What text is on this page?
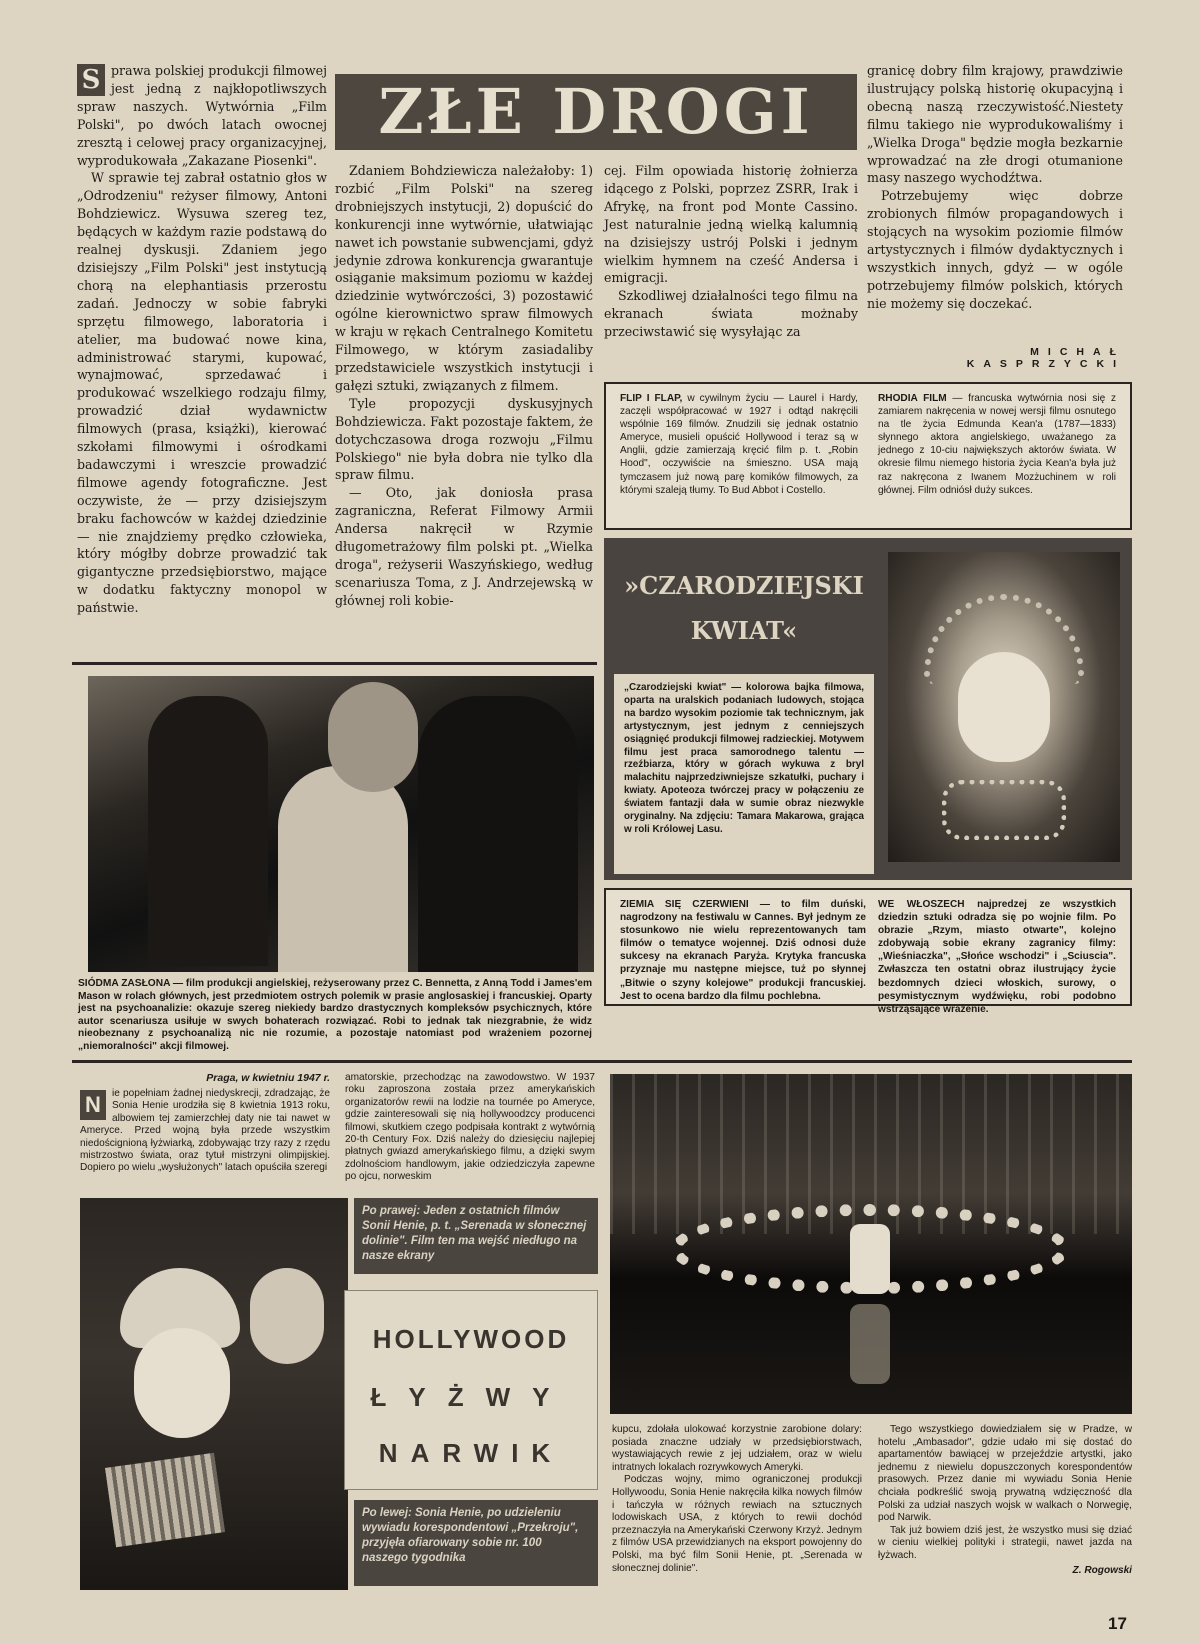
S prawa polskiej produkcji filmowej jest jedną z najkłopotliwszych spraw naszych. Wytwórnia „Film Polski", po dwóch latach owocnej zresztą i celowej pracy organizacyjnej, wyprodukowała „Zakazane Piosenki".

W sprawie tej zabrał ostatnio głos w „Odrodzeniu" reżyser filmowy, Antoni Bohdziewicz. Wysuwa szereg tez, będących w każdym razie podstawą do realnej dyskusji. Zdaniem jego dzisiejszy „Film Polski" jest instytucją chorą na elephantiasis przerostu zadań. Jednoczy w sobie fabryki sprzętu filmowego, laboratoria i atelier, ma budować nowe kina, administrować starymi, kupować, wynajmować, sprzedawać i produkować wszelkiego rodzaju filmy, prowadzić dział wydawnictw filmowych (prasa, książki), kierować szkołami filmowymi i ośrodkami badawczymi i wreszcie prowadzić filmowe agendy fotograficzne. Jest oczywiste, że — przy dzisiejszym braku fachowców w każdej dziedzinie — nie znajdziemy prędko człowieka, który mógłby dobrze prowadzić tak gigantyczne przedsiębiorstwo, mające w dodatku faktyczny monopol w państwie.

ZŁE DROGI

Zdaniem Bohdziewicza należałoby: 1) rozbić „Film Polski" na szereg drobniejszych instytucji, 2) dopuścić do konkurencji inne wytwórnie, ułatwiając nawet ich powstanie subwencjami, gdyż jedynie zdrowa konkurencja gwarantuje osiąganie maksimum poziomu w każdej dziedzinie wytwórczości, 3) pozostawić ogólne kierownictwo spraw filmowych w kraju w rękach Centralnego Komitetu Filmowego, w którym zasiadaliby przedstawiciele wszystkich instytucji i gałęzi sztuki, związanych z filmem.

Tyle propozycji dyskusyjnych Bohdziewicza. Fakt pozostaje faktem, że dotychczasowa droga rozwoju „Filmu Polskiego" nie była dobra nie tylko dla spraw filmu.

— Oto, jak doniosła prasa zagraniczna, Referat Filmowy Armii Andersa nakręcił w Rzymie długometrażowy film polski pt. „Wielka droga", reżyserii Waszyńskiego, według scenariusza Toma, z J. Andrzejewską w głównej roli kobie-

cej. Film opowiada historię żołnierza idącego z Polski, poprzez ZSRR, Irak i Afrykę, na front pod Monte Cassino. Jest naturalnie jedną wielką kalumnią na dzisiejszy ustrój Polski i jednym wielkim hymnem na cześć Andersa i emigracji.

Szkodliwej działalności tego filmu na ekranach świata możnaby przeciwstawić się wysyłając za

granicę dobry film krajowy, prawdziwie ilustrujący polską historię okupacyjną i obecną naszą rzeczywistość.Niestety filmu takiego nie wyprodukowaliśmy i „Wielka Droga" będzie mogła bezkarnie wprowadzać na złe drogi otumanione masy naszego wychodźtwa.

Potrzebujemy więc dobrze zrobionych filmów propagandowych i stojących na wysokim poziomie filmów artystycznych i filmów dydaktycznych i wszystkich innych, gdyż — w ogóle potrzebujemy filmów polskich, których nie możemy się doczekać.

MICHAŁ KASPRZYCKI
FLIP I FLAP, w cywilnym życiu — Laurel i Hardy, zaczęli współpracować w 1927 i odtąd nakręcili wspólnie 169 filmów. Znudzili się jednak ostatnio Ameryce, musieli opuścić Hollywood i teraz są w Anglii, gdzie zamierzają kręcić film p. t. „Robin Hood", oczywiście na śmieszno. USA mają tymczasem już nową parę komików filmowych, za którymi szaleją tłumy. To Bud Abbot i Costello.
RHODIA FILM — francuska wytwórnia nosi się z zamiarem nakręcenia w nowej wersji filmu osnutego na tle życia Edmunda Kean'a (1787—1833) słynnego aktora angielskiego, uważanego za jednego z 10-ciu największych aktorów świata. W okresie filmu niemego historia życia Kean'a była już raz nakręcona z Iwanem Mozżuchinem w roli głównej. Film odniósł duży sukces.
»CZARODZIEJSKI
KWIAT«
„Czarodziejski kwiat" — kolorowa bajka filmowa, oparta na uralskich podaniach ludowych, stojąca na bardzo wysokim poziomie tak technicznym, jak artystycznym, jest jednym z cenniejszych osiągnięć produkcji filmowej radzieckiej. Motywem filmu jest praca samorodnego talentu — rzeźbiarza, który w górach wykuwa z bryl malachitu najprzedziwniejsze szkatułki, puchary i kwiaty. Apoteoza twórczej pracy w połączeniu ze światem fantazji dała w sumie obraz niezwykle oryginalny. Na zdjęciu: Tamara Makarowa, grająca w roli Królowej Lasu.
ZIEMIA SIĘ CZERWIENI — to film duński, nagrodzony na festiwalu w Cannes. Był jednym ze stosunkowo nie wielu reprezentowanych tam filmów o tematyce wojennej. Dziś odnosi duże sukcesy na ekranach Paryża. Krytyka francuska przyznaje mu następne miejsce, tuż po słynnej „Bitwie o szyny kolejowe" produkcji francuskiej. Jest to ocena bardzo dla filmu pochlebna.
WE WŁOSZECH najpredzej ze wszystkich dziedzin sztuki odradza się po wojnie film. Po obrazie „Rzym, miasto otwarte", kolejno zdobywają sobie ekrany zagranicy filmy: „Wieśniaczka", „Słońce wschodzi" i „Sciuscia". Zwłaszcza ten ostatni obraz ilustrujący życie bezdomnych dzieci włoskich, surowy, o pesymistycznym wydźwięku, robi podobno wstrząsające wrażenie.
SIÓDMA ZASŁONA — film produkcji angielskiej, reżyserowany przez C. Bennetta, z Anną Todd i James'em Mason w rolach głównych, jest przedmiotem ostrych polemik w prasie anglosaskiej i francuskiej. Oparty jest na psychoanalizie: okazuje szereg niekiedy bardzo drastycznych kompleksów psychicznych, które autor scenariusza usiłuje w swych bohaterach rozwiązać. Robi to jednak tak niezgrabnie, że widz nieobeznany z psychoanalizą nic nie rozumie, a pozostaje natomiast pod wrażeniem pozornej „niemoralności" akcji filmowej.
Praga, w kwietniu 1947 r.
N	ie popełniam żadnej niedyskrecji, zdradzając, że Sonia Henie urodziła się 8 kwietnia 1913 roku, albowiem tej zamierzchłej daty nie tai nawet w Ameryce. Przed wojną była przede wszystkim niedoścignioną łyżwiarką, zdobywając trzy razy z rzędu mistrzostwo świata, oraz tytuł mistrzyni olimpijskiej. Dopiero po wielu „wysłużonych" latach opuściła szeregi
amatorskie, przechodząc na zawodowstwo. W 1937 roku zaproszona została przez amerykańskich organizatorów rewii na lodzie na tournée po Ameryce, gdzie zainteresowali się nią hollywoodzcy producenci filmowi, skutkiem czego podpisała kontrakt z wytwórnią 20-th Century Fox. Dziś należy do dziesięciu najlepiej płatnych gwiazd amerykańskiego filmu, a dzięki swym zdolnościom handlowym, jakie odziedziczyła zapewne po ojcu, norweskim
Po prawej: Jeden z ostatnich filmów Sonii Henie, p. t. „Serenada w słonecznej dolinie". Film ten ma wejść niedługo na nasze ekrany
HOLLYWOOD
ŁYŻWY
NARWIK
Po lewej: Sonia Henie, po udzieleniu wywiadu korespondentowi „Przekroju", przyjęła ofiarowany sobie nr. 100 naszego tygodnika
kupcu, zdołała ulokować korzystnie zarobione dolary: posiada znaczne udziały w przedsiębiorstwach, wystawiających rewie z jej udziałem, oraz w wielu intratnych lokalach rozrywkowych Ameryki.
Podczas wojny, mimo ograniczonej produkcji Hollywoodu, Sonia Henie nakręciła kilka nowych filmów i tańczyła w różnych rewiach na sztucznych lodowiskach USA, z których to rewii dochód przeznaczyła na Amerykański Czerwony Krzyż. Jednym z filmów USA przewidzianych na eksport powojenny do Polski, ma być film Sonii Henie, pt. „Serenada w słonecznej dolinie".
Tego wszystkiego dowiedziałem się w Pradze, w hotelu „Ambasador", gdzie udało mi się dostać do apartamentów bawiącej w przejeździe artystki, jako jednemu z niewielu dopuszczonych korespondentów prasowych. Przez danie mi wywiadu Sonia Henie chciała podkreślić swoją prywatną wdzięczność dla Polski za udział naszych wojsk w walkach o Norwegię, pod Narwik.
Tak już bowiem dziś jest, że wszystko musi się dziać w cieniu wielkiej polityki i strategii, nawet jazda na łyżwach.
Z. Rogowski
17
